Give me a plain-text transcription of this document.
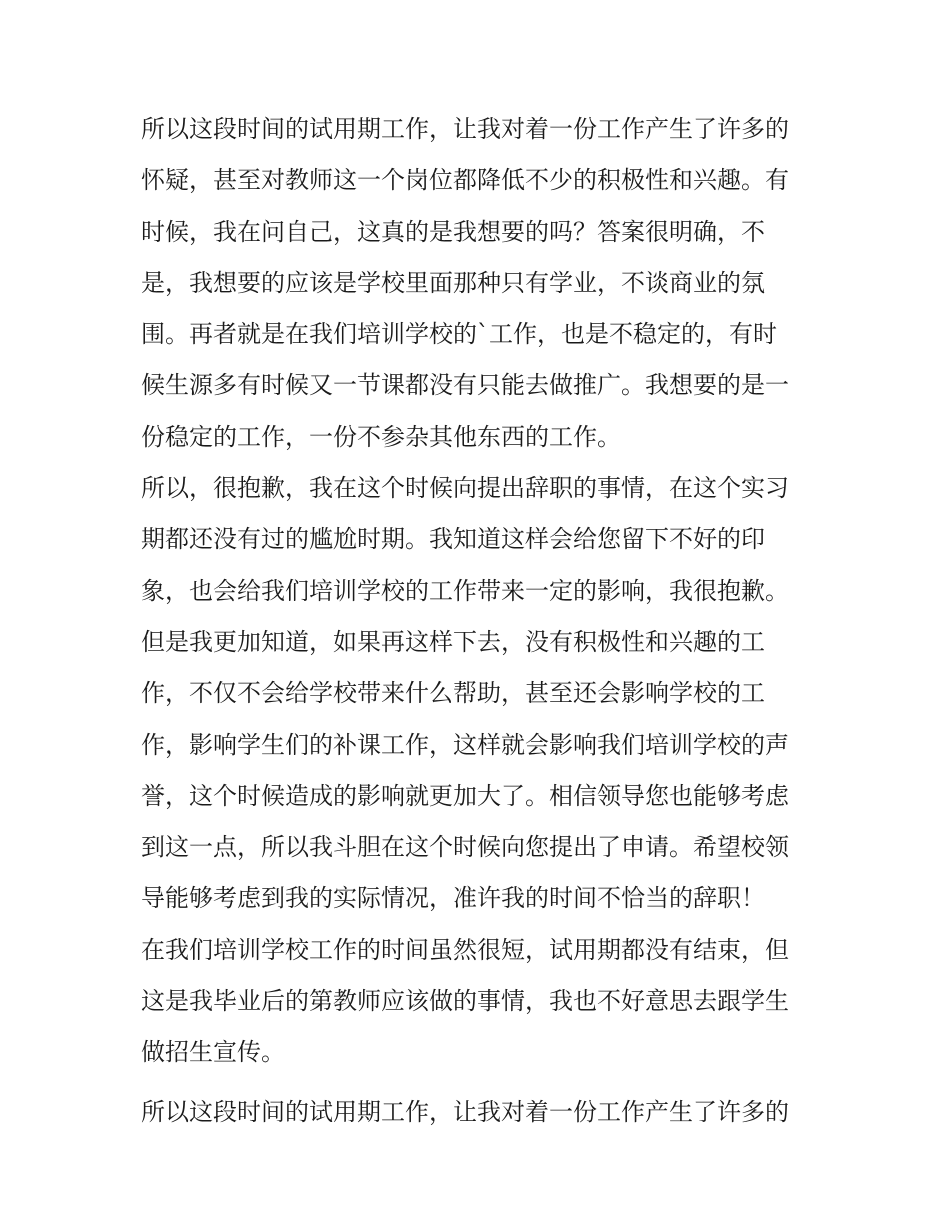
所以这段时间的试用期工作，让我对着一份工作产生了许多的
怀疑，甚至对教师这一个岗位都降低不少的积极性和兴趣。有
时候，我在问自己，这真的是我想要的吗？答案很明确，不
是，我想要的应该是学校里面那种只有学业，不谈商业的氛
围。再者就是在我们培训学校的`工作，也是不稳定的，有时
候生源多有时候又一节课都没有只能去做推广。我想要的是一
份稳定的工作，一份不参杂其他东西的工作。
所以，很抱歉，我在这个时候向提出辞职的事情，在这个实习
期都还没有过的尴尬时期。我知道这样会给您留下不好的印
象，也会给我们培训学校的工作带来一定的影响，我很抱歉。
但是我更加知道，如果再这样下去，没有积极性和兴趣的工
作，不仅不会给学校带来什么帮助，甚至还会影响学校的工
作，影响学生们的补课工作，这样就会影响我们培训学校的声
誉，这个时候造成的影响就更加大了。相信领导您也能够考虑
到这一点，所以我斗胆在这个时候向您提出了申请。希望校领
导能够考虑到我的实际情况，准许我的时间不恰当的辞职！
在我们培训学校工作的时间虽然很短，试用期都没有结束，但
这是我毕业后的第教师应该做的事情，我也不好意思去跟学生
做招生宣传。
所以这段时间的试用期工作，让我对着一份工作产生了许多的
